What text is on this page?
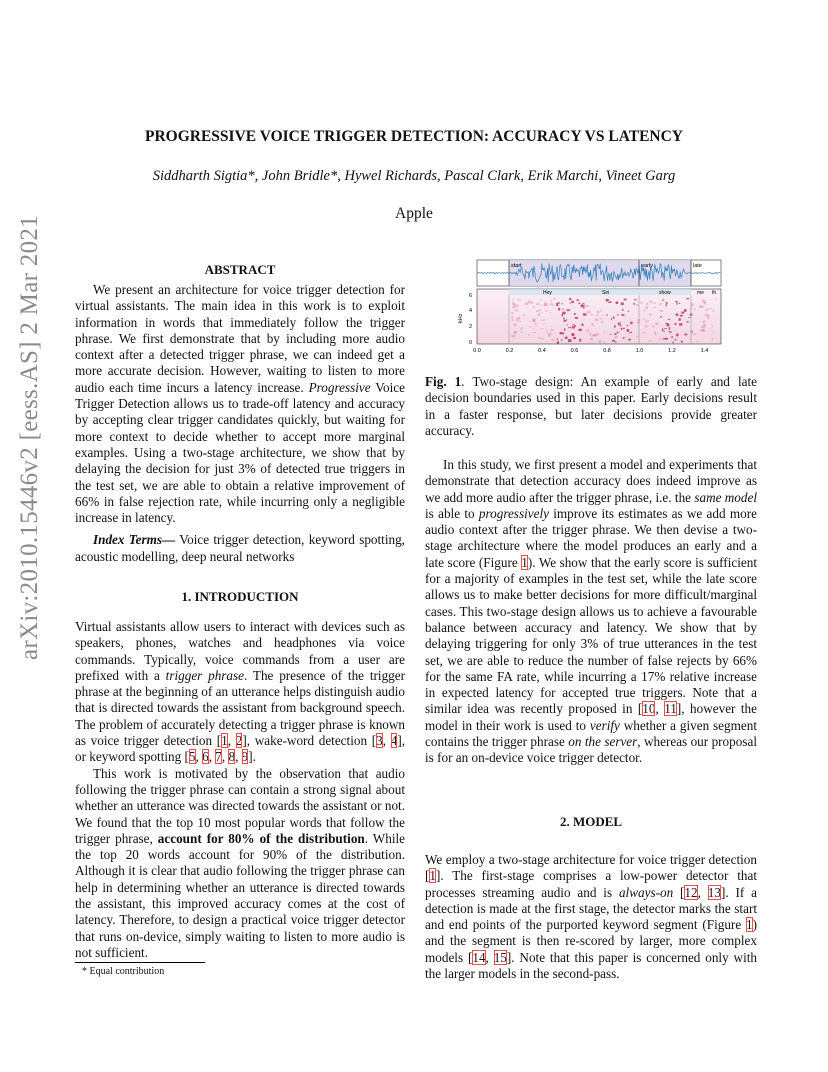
arXiv:2010.15446v2 [eess.AS] 2 Mar 2021
PROGRESSIVE VOICE TRIGGER DETECTION: ACCURACY VS LATENCY
Siddharth Sigtia*, John Bridle*, Hywel Richards, Pascal Clark, Erik Marchi, Vineet Garg
Apple
ABSTRACT

We present an architecture for voice trigger detection for virtual assistants. The main idea in this work is to exploit information in words that immediately follow the trigger phrase. We first demonstrate that by including more audio context after a detected trigger phrase, we can indeed get a more accurate decision. However, waiting to listen to more audio each time incurs a latency increase. Progressive Voice Trigger Detection allows us to trade-off latency and accuracy by accepting clear trigger candidates quickly, but waiting for more context to decide whether to accept more marginal examples. Using a two-stage architecture, we show that by delaying the decision for just 3% of detected true triggers in the test set, we are able to obtain a relative improvement of 66% in false rejection rate, while incurring only a negligible increase in latency.

Index Terms— Voice trigger detection, keyword spotting, acoustic modelling, deep neural networks

1. INTRODUCTION

Virtual assistants allow users to interact with devices such as speakers, phones, watches and headphones via voice commands. Typically, voice commands from a user are prefixed with a trigger phrase. The presence of the trigger phrase at the beginning of an utterance helps distinguish audio that is directed towards the assistant from background speech. The problem of accurately detecting a trigger phrase is known as voice trigger detection [1, 2], wake-word detection [3, 4], or keyword spotting [5, 6, 7, 8, 9].

This work is motivated by the observation that audio following the trigger phrase can contain a strong signal about whether an utterance was directed towards the assistant or not. We found that the top 10 most popular words that follow the trigger phrase, account for 80% of the distribution. While the top 20 words account for 90% of the distribution. Although it is clear that audio following the trigger phrase can help in determining whether an utterance is directed towards the assistant, this improved accuracy comes at the cost of latency. Therefore, to design a practical voice trigger detector that runs on-device, simply waiting to listen to more audio is not sufficient.

* Equal contribution
start	early	late
Hey	Siri	show	me th
kHz
6
4
2
0
0.0	0.2	0.4	0.6	0.8	1.0	1.2	1.4
Fig. 1. Two-stage design: An example of early and late decision boundaries used in this paper. Early decisions result in a faster response, but later decisions provide greater accuracy.

In this study, we first present a model and experiments that demonstrate that detection accuracy does indeed improve as we add more audio after the trigger phrase, i.e. the same model is able to progressively improve its estimates as we add more audio context after the trigger phrase. We then devise a two-stage architecture where the model produces an early and a late score (Figure 1). We show that the early score is sufficient for a majority of examples in the test set, while the late score allows us to make better decisions for more difficult/marginal cases. This two-stage design allows us to achieve a favourable balance between accuracy and latency. We show that by delaying triggering for only 3% of true utterances in the test set, we are able to reduce the number of false rejects by 66% for the same FA rate, while incurring a 17% relative increase in expected latency for accepted true triggers. Note that a similar idea was recently proposed in [10, 11], however the model in their work is used to verify whether a given segment contains the trigger phrase on the server, whereas our proposal is for an on-device voice trigger detector.

2. MODEL

We employ a two-stage architecture for voice trigger detection [1]. The first-stage comprises a low-power detector that processes streaming audio and is always-on [12, 13]. If a detection is made at the first stage, the detector marks the start and end points of the purported keyword segment (Figure 1) and the segment is then re-scored by larger, more complex models [14, 15]. Note that this paper is concerned only with the larger models in the second-pass.
